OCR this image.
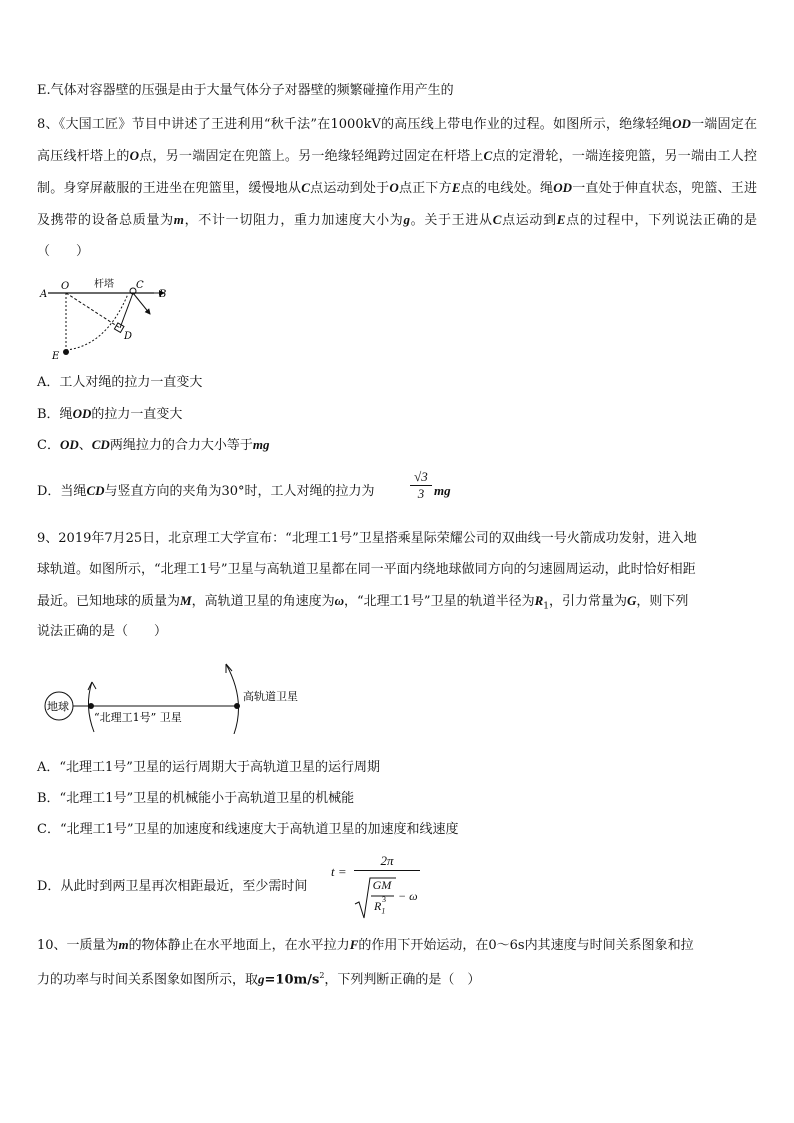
E.气体对容器壁的压强是由于大量气体分子对器壁的频繁碰撞作用产生的
8、《大国工匠》节目中讲述了王进利用“秋千法”在1000kV的高压线上带电作业的过程。如图所示，绝缘轻绳OD一端固定在高压线杆塔上的O点，另一端固定在兜篮上。另一绝缘轻绳跨过固定在杆塔上C点的定滑轮，一端连接兜篮，另一端由工人控制。身穿屏蔽服的王进坐在兜篮里，缓慢地从C点运动到处于O点正下方E点的电线处。绳OD一直处于伸直状态，兜篮、王进及携带的设备总质量为m，不计一切阻力，重力加速度大小为g。关于王进从C点运动到E点的过程中，下列说法正确的是（　　）
A
O 杆塔 C
B
D
E
A．工人对绳的拉力一直变大
B．绳OD的拉力一直变大
C．OD、CD两绳拉力的合力大小等于mg
D．当绳CD与竖直方向的夹角为30°时，工人对绳的拉力为
√3
3 mg
9、2019年7月25日，北京理工大学宣布：“北理工1号”卫星搭乘星际荣耀公司的双曲线一号火箭成功发射，进入地
球轨道。如图所示，“北理工1号”卫星与高轨道卫星都在同一平面内绕地球做同方向的匀速圆周运动，此时恰好相距
最近。已知地球的质量为M，高轨道卫星的角速度为ω，“北理工1号”卫星的轨道半径为$R_1$，引力常量为G，则下列
说法正确的是（　　）
地球
“北理工1号” 卫星
高轨道卫星
A．“北理工1号”卫星的运行周期大于高轨道卫星的运行周期
B．“北理工1号”卫星的机械能小于高轨道卫星的机械能
C．“北理工1号”卫星的加速度和线速度大于高轨道卫星的加速度和线速度
D．从此时到两卫星再次相距最近，至少需时间
t =
2π
GM
$R_1$
3 − ω
10、一质量为m的物体静止在水平地面上，在水平拉力F的作用下开始运动，在0～6s内其速度与时间关系图象和拉
力的功率与时间关系图象如图所示，取$g=10m/s^2$，下列判断正确的是（　）
